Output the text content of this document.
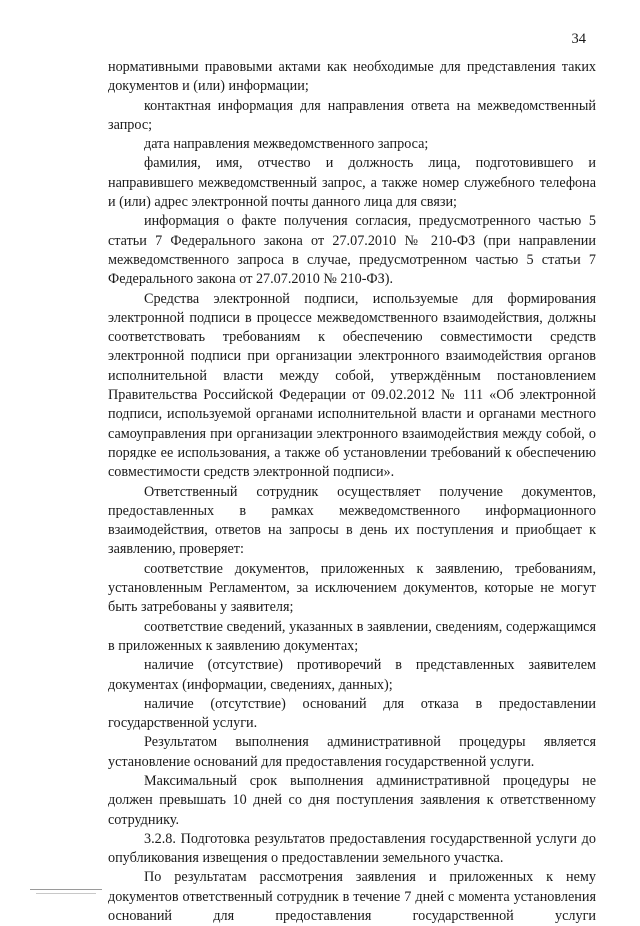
34

нормативными правовыми актами как необходимые для представления таких документов и (или) информации;

контактная информация для направления ответа на межведомственный запрос;

дата направления межведомственного запроса;

фамилия, имя, отчество и должность лица, подготовившего и направившего межведомственный запрос, а также номер служебного телефона и (или) адрес электронной почты данного лица для связи;

информация о факте получения согласия, предусмотренного частью 5 статьи 7 Федерального закона от 27.07.2010 № 210-ФЗ (при направлении межведомственного запроса в случае, предусмотренном частью 5 статьи 7 Федерального закона от 27.07.2010 № 210-ФЗ).

Средства электронной подписи, используемые для формирования электронной подписи в процессе межведомственного взаимодействия, должны соответствовать требованиям к обеспечению совместимости средств электронной подписи при организации электронного взаимодействия органов исполнительной власти между собой, утверждённым постановлением Правительства Российской Федерации от 09.02.2012 № 111 «Об электронной подписи, используемой органами исполнительной власти и органами местного самоуправления при организации электронного взаимодействия между собой, о порядке ее использования, а также об установлении требований к обеспечению совместимости средств электронной подписи».

Ответственный сотрудник осуществляет получение документов, предоставленных в рамках межведомственного информационного взаимодействия, ответов на запросы в день их поступления и приобщает к заявлению, проверяет:

соответствие документов, приложенных к заявлению, требованиям, установленным Регламентом, за исключением документов, которые не могут быть затребованы у заявителя;

соответствие сведений, указанных в заявлении, сведениям, содержащимся в приложенных к заявлению документах;

наличие (отсутствие) противоречий в представленных заявителем документах (информации, сведениях, данных);

наличие (отсутствие) оснований для отказа в предоставлении государственной услуги.

Результатом выполнения административной процедуры является установление оснований для предоставления государственной услуги.

Максимальный срок выполнения административной процедуры не должен превышать 10 дней со дня поступления заявления к ответственному сотруднику.

3.2.8. Подготовка результатов предоставления государственной услуги до опубликования извещения о предоставлении земельного участка.

По результатам рассмотрения заявления и приложенных к нему документов ответственный сотрудник в течение 7 дней с момента установления оснований для предоставления государственной услуги
